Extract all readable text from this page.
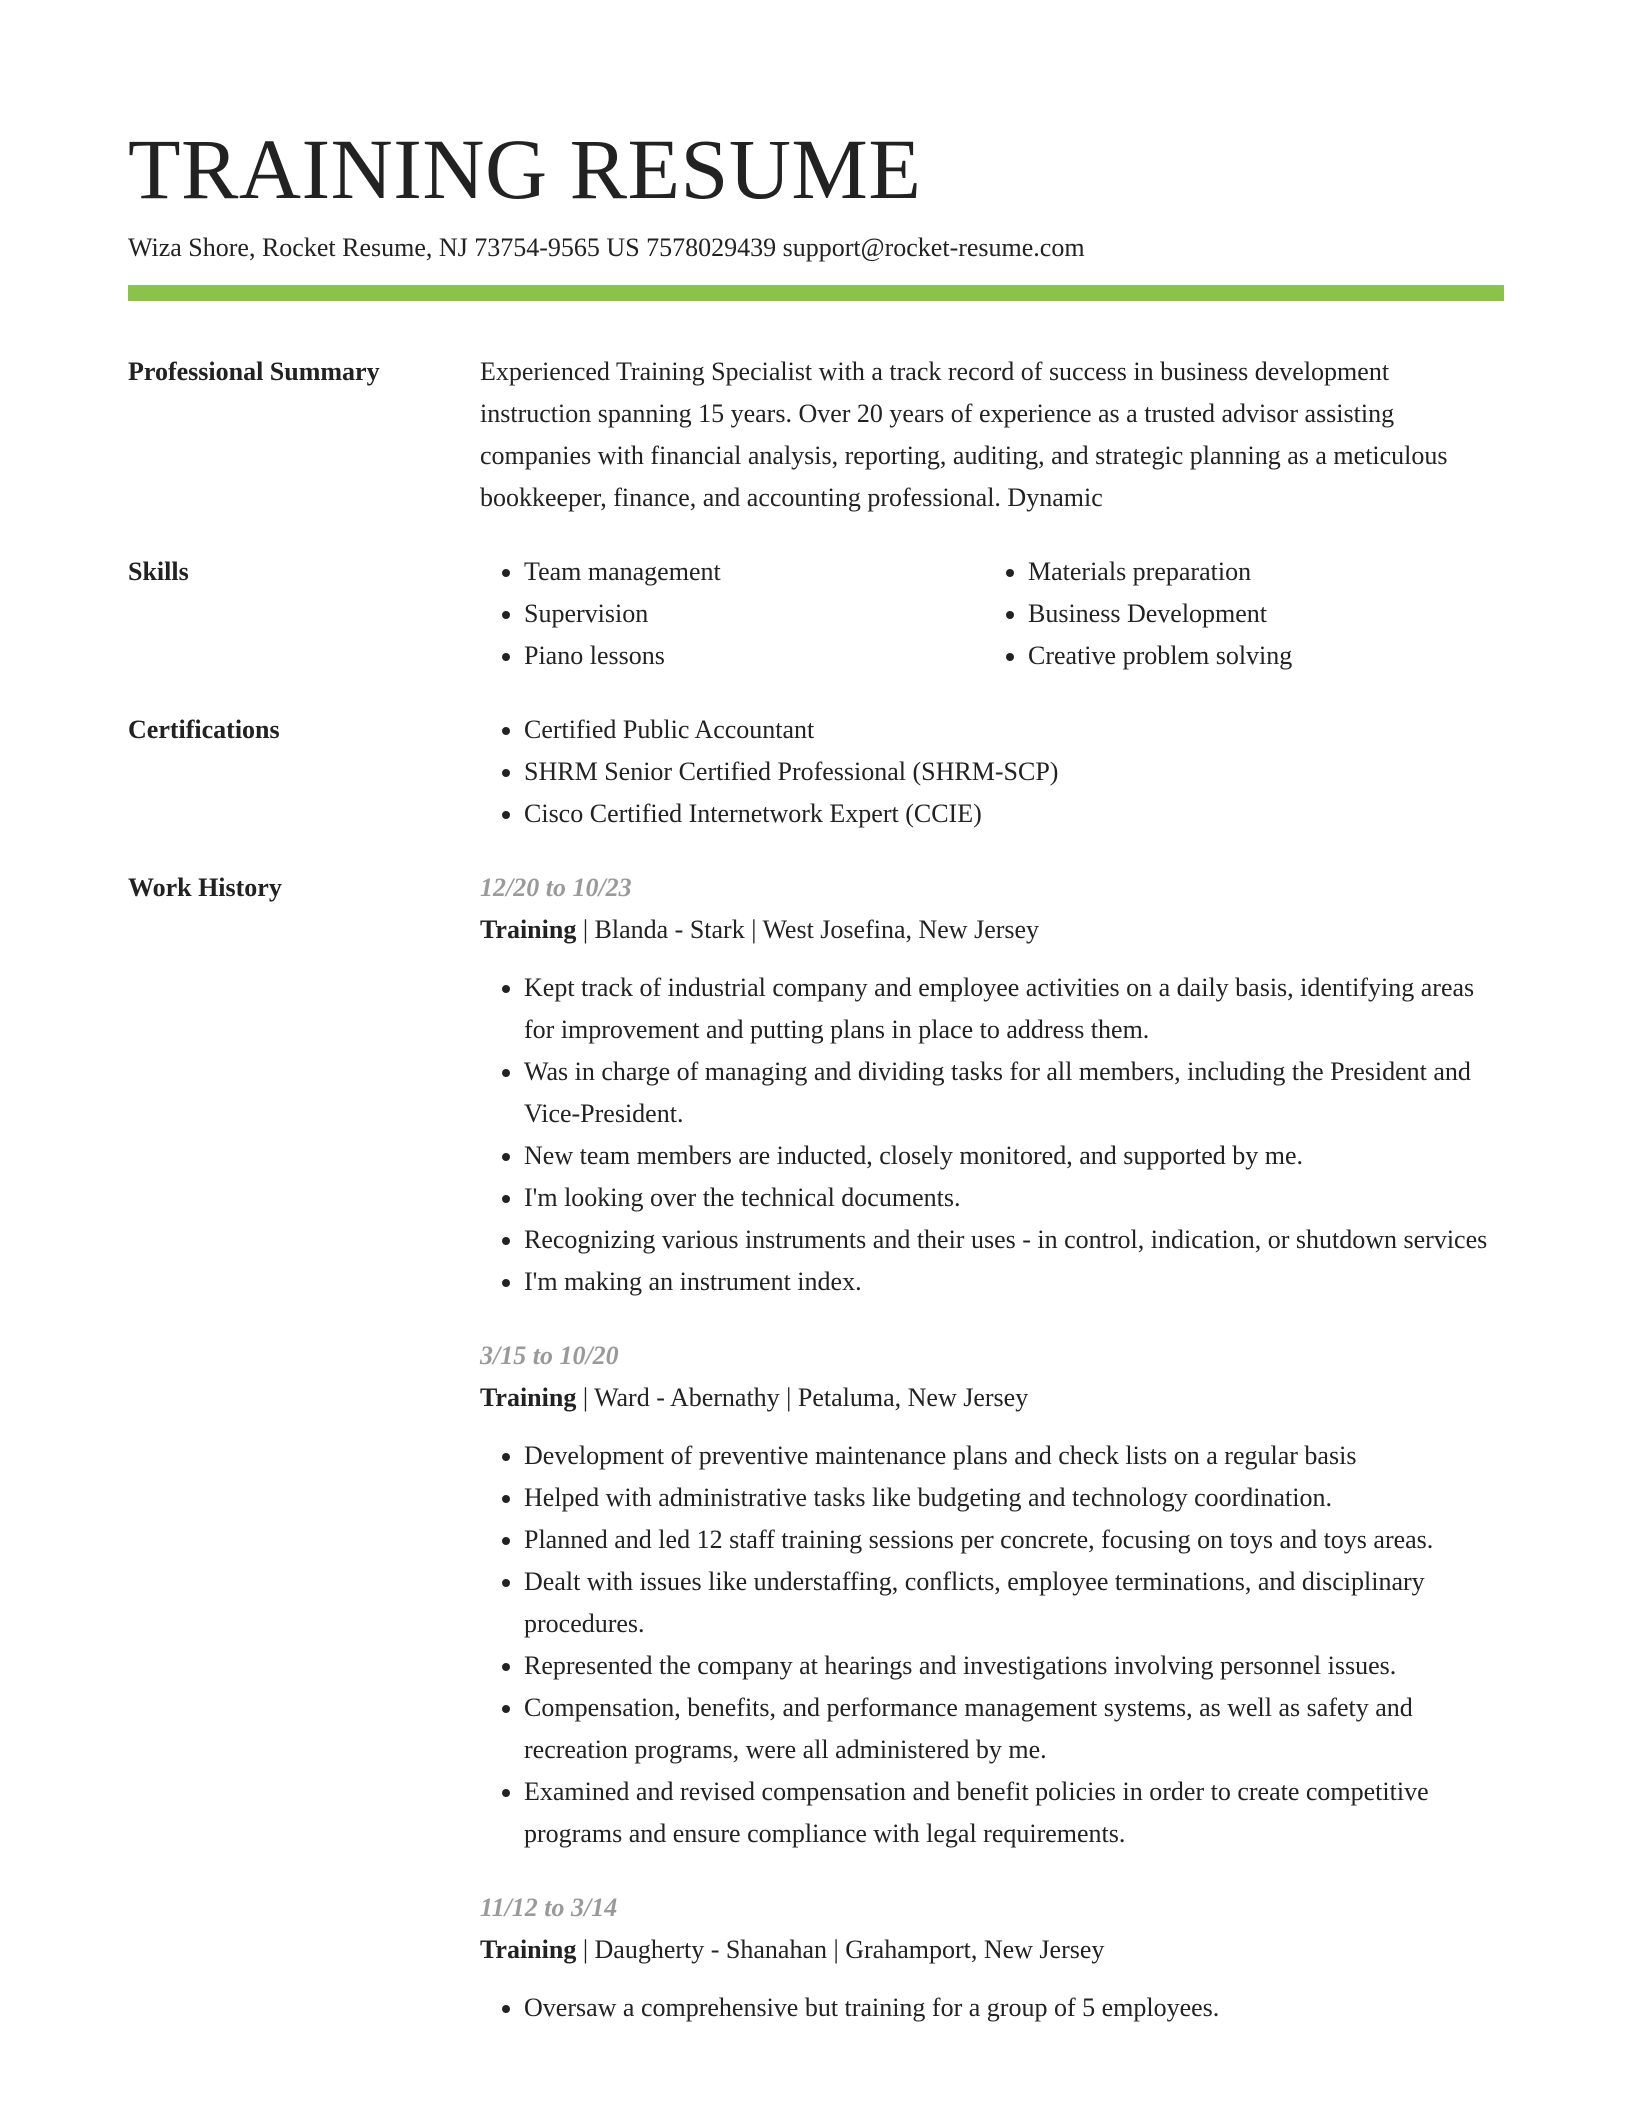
TRAINING RESUME
Wiza Shore, Rocket Resume, NJ 73754-9565 US 7578029439 support@rocket-resume.com
Professional Summary	Experienced Training Specialist with a track record of success in business development instruction spanning 15 years. Over 20 years of experience as a trusted advisor assisting companies with financial analysis, reporting, auditing, and strategic planning as a meticulous bookkeeper, finance, and accounting professional. Dynamic

Skills	• Team management
• Supervision
• Piano lessons
• Materials preparation
• Business Development
• Creative problem solving
Certifications	• Certified Public Accountant
• SHRM Senior Certified Professional (SHRM-SCP)
• Cisco Certified Internetwork Expert (CCIE)
Work History	12/20 to 10/23
Training | Blanda - Stark | West Josefina, New Jersey
• Kept track of industrial company and employee activities on a daily basis, identifying areas for improvement and putting plans in place to address them.
• Was in charge of managing and dividing tasks for all members, including the President and Vice-President.
• New team members are inducted, closely monitored, and supported by me.
• I'm looking over the technical documents.
• Recognizing various instruments and their uses - in control, indication, or shutdown services
• I'm making an instrument index.
3/15 to 10/20
Training | Ward - Abernathy | Petaluma, New Jersey
• Development of preventive maintenance plans and check lists on a regular basis
• Helped with administrative tasks like budgeting and technology coordination.
• Planned and led 12 staff training sessions per concrete, focusing on toys and toys areas.
• Dealt with issues like understaffing, conflicts, employee terminations, and disciplinary procedures.
• Represented the company at hearings and investigations involving personnel issues.
• Compensation, benefits, and performance management systems, as well as safety and recreation programs, were all administered by me.
• Examined and revised compensation and benefit policies in order to create competitive programs and ensure compliance with legal requirements.
11/12 to 3/14
Training | Daugherty - Shanahan | Grahamport, New Jersey
• Oversaw a comprehensive but training for a group of 5 employees.
